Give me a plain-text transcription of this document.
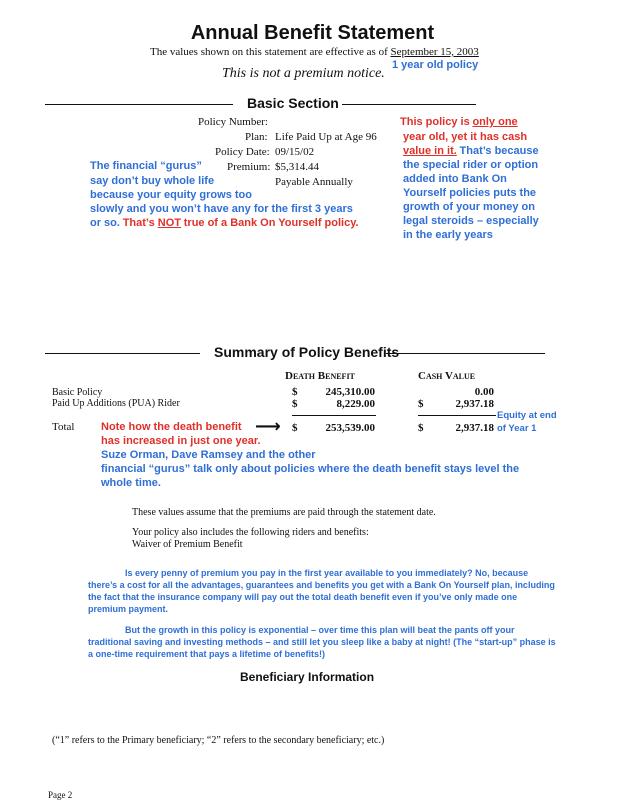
Annual Benefit Statement
The values shown on this statement are effective as of September 15, 2003
This is not a premium notice.
1 year old policy
Basic Section
Policy Number:
Plan: Life Paid Up at Age 96
Policy Date: 09/15/02
Premium: $5,314.44
Payable Annually
The financial “gurus”
say don’t buy whole life
because your equity grows too
slowly and you won’t have any for the first 3 years
or so. That’s NOT true of a Bank On Yourself policy.
This policy is only one
year old, yet it has cash
value in it. That’s because
the special rider or option
added into Bank On
Yourself policies puts the
growth of your money on
legal steroids – especially
in the early years
Summary of Policy Benefits
Death Benefit	Cash Value
Basic Policy	$	245,310.00	0.00
Paid Up Additions (PUA) Rider	$	8,229.00	$	2,937.18
Equity at end
Total Note how the death benefit ⟶ $	253,539.00	$	2,937.18 of Year 1
has increased in just one year.
Suze Orman, Dave Ramsey and the other
financial “gurus” talk only about policies where the death benefit stays level the
whole time.
These values assume that the premiums are paid through the statement date.
Your policy also includes the following riders and benefits:
Waiver of Premium Benefit
Is every penny of premium you pay in the first year available to you immediately? No, because
there’s a cost for all the advantages, guarantees and benefits you get with a Bank On Yourself plan, including
the fact that the insurance company will pay out the total death benefit even if you’ve only made one
premium payment.
But the growth in this policy is exponential – over time this plan will beat the pants off your
traditional saving and investing methods – and still let you sleep like a baby at night! (The “start-up” phase is
a one-time requirement that pays a lifetime of benefits!)
Beneficiary Information
(“1” refers to the Primary beneficiary; “2” refers to the secondary beneficiary; etc.)
Page 2
